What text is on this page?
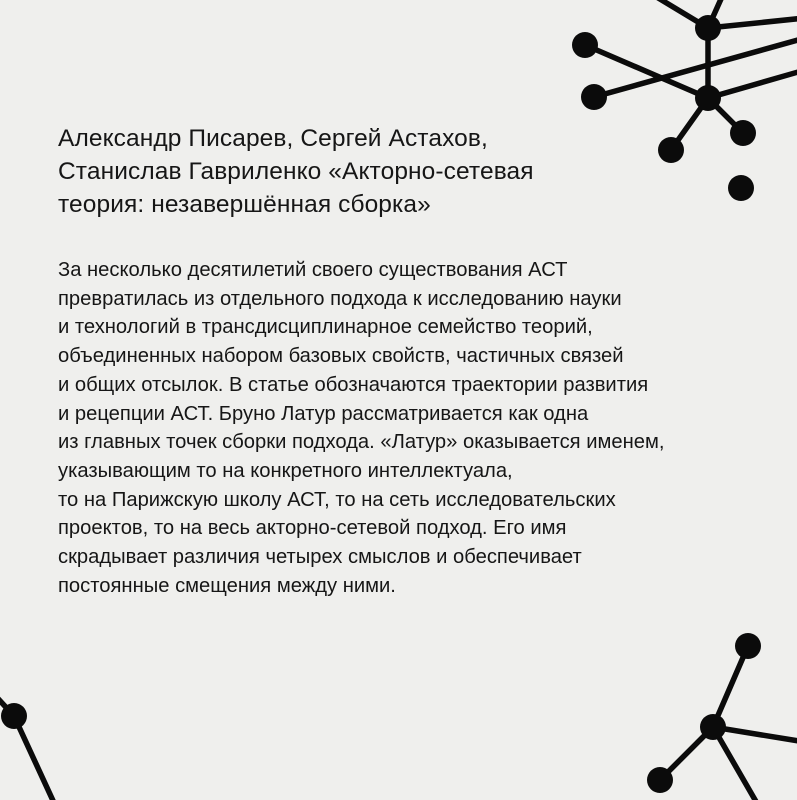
Александр Писарев, Сергей Астахов,
Станислав Гавриленко «Акторно-сетевая
теория: незавершённая сборка»

За несколько десятилетий своего существования АСТ
превратилась из отдельного подхода к исследованию науки
и технологий в трансдисциплинарное семейство теорий,
объединенных набором базовых свойств, частичных связей
и общих отсылок. В статье обозначаются траектории развития
и рецепции АСТ. Бруно Латур рассматривается как одна
из главных точек сборки подхода. «Латур» оказывается именем,
указывающим то на конкретного интеллектуала,
то на Парижскую школу АСТ, то на сеть исследовательских
проектов, то на весь акторно-сетевой подход. Его имя
скрадывает различия четырех смыслов и обеспечивает
постоянные смещения между ними.
